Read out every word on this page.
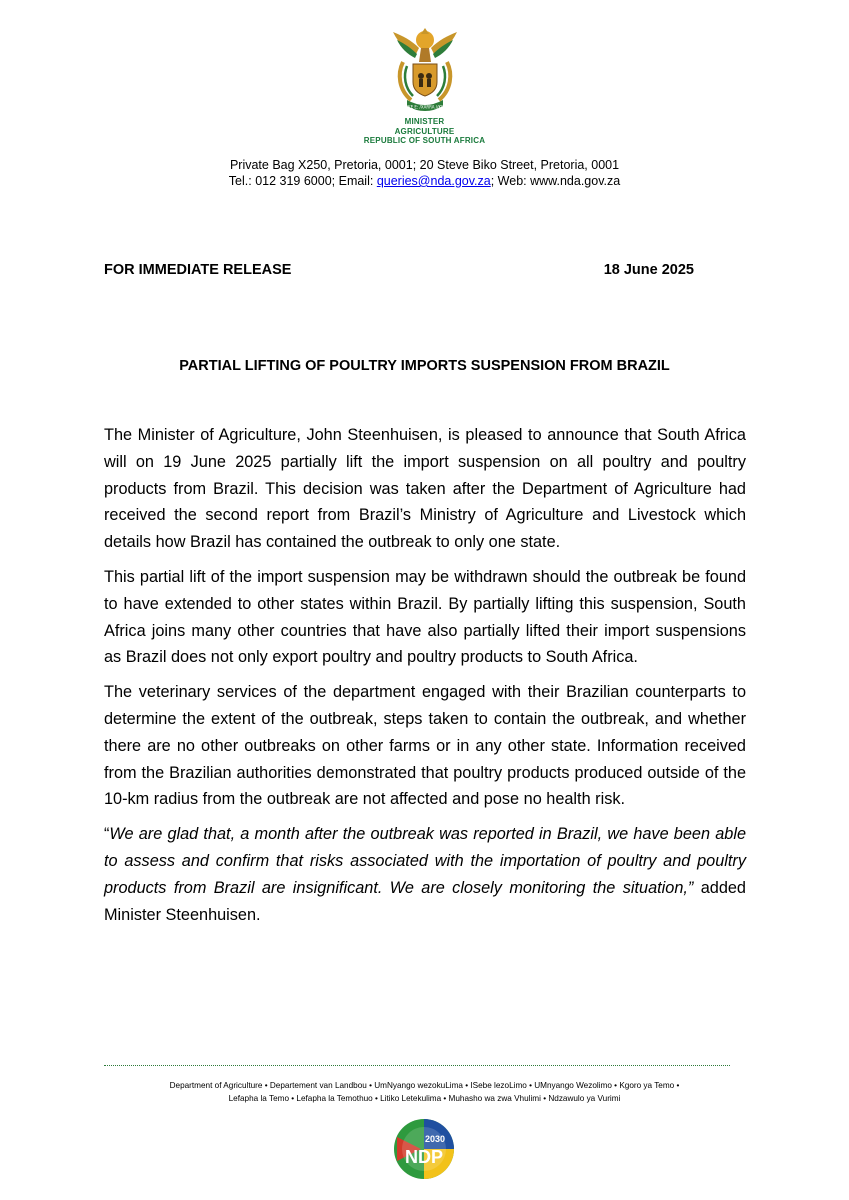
!KE E: /XARRA //KE
MINISTER
AGRICULTURE
REPUBLIC OF SOUTH AFRICA
Private Bag X250, Pretoria, 0001; 20 Steve Biko Street, Pretoria, 0001
Tel.: 012 319 6000; Email: queries@nda.gov.za; Web: www.nda.gov.za
FOR IMMEDIATE RELEASE	18 June 2025
PARTIAL LIFTING OF POULTRY IMPORTS SUSPENSION FROM BRAZIL

The Minister of Agriculture, John Steenhuisen, is pleased to announce that South Africa will on 19 June 2025 partially lift the import suspension on all poultry and poultry products from Brazil. This decision was taken after the Department of Agriculture had received the second report from Brazil’s Ministry of Agriculture and Livestock which details how Brazil has contained the outbreak to only one state.

This partial lift of the import suspension may be withdrawn should the outbreak be found to have extended to other states within Brazil. By partially lifting this suspension, South Africa joins many other countries that have also partially lifted their import suspensions as Brazil does not only export poultry and poultry products to South Africa.

The veterinary services of the department engaged with their Brazilian counterparts to determine the extent of the outbreak, steps taken to contain the outbreak, and whether there are no other outbreaks on other farms or in any other state. Information received from the Brazilian authorities demonstrated that poultry products produced outside of the 10-km radius from the outbreak are not affected and pose no health risk.

“We are glad that, a month after the outbreak was reported in Brazil, we have been able to assess and confirm that risks associated with the importation of poultry and poultry products from Brazil are insignificant. We are closely monitoring the situation,” added Minister Steenhuisen.

Department of Agriculture • Departement van Landbou • UmNyango wezokuLima • ISebe lezoLimo • UMnyango Wezolimo • Kgoro ya Temo •
Lefapha la Temo • Lefapha la Temothuo • Litiko Letekulima • Muhasho wa zwa Vhulimi • Ndzawulo ya Vurimi
2030
NDP
